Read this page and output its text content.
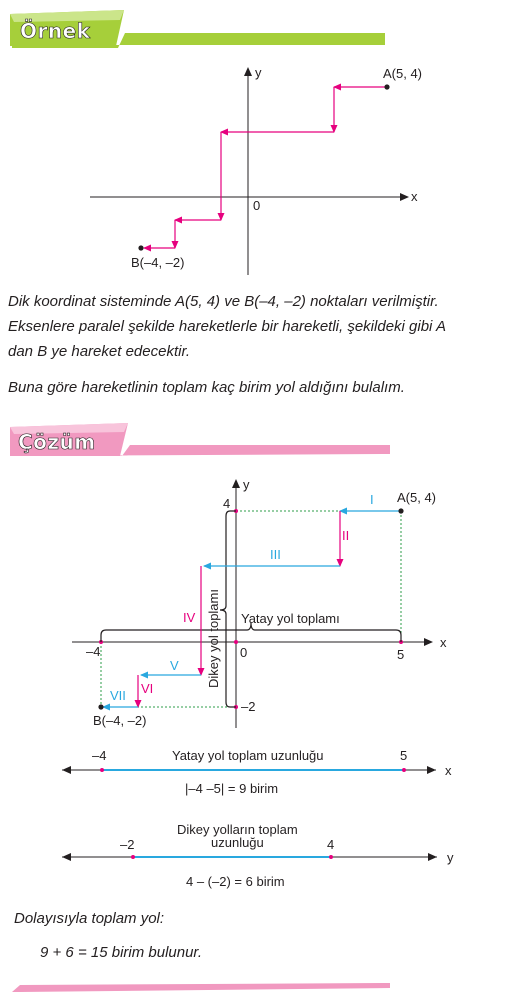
Örnek
A(5, 4)
B(–4, –2)
0
x
y
Dik koordinat sisteminde A(5, 4) ve B(–4, –2) noktaları verilmiştir.
Eksenlere paralel şekilde hareketlerle bir hareketli, şekildeki gibi A
dan B ye hareket edecektir.
Buna göre hareketlinin toplam kaç birim yol aldığını bulalım.
Çözüm
I
II
III
IV
V
VI
VII
A(5, 4)
B(–4, –2)
x
y
0
4
–2
–4	5
Yatay yol toplamı
Dikey yol toplamı
–4	5
Yatay yol toplam uzunluğu
x
|–4 –5| = 9 birim
–2	4
Dikey yolların toplam
uzunluğu
y
4 – (–2) = 6 birim
Dolayısıyla toplam yol:
9 + 6 = 15 birim bulunur.
